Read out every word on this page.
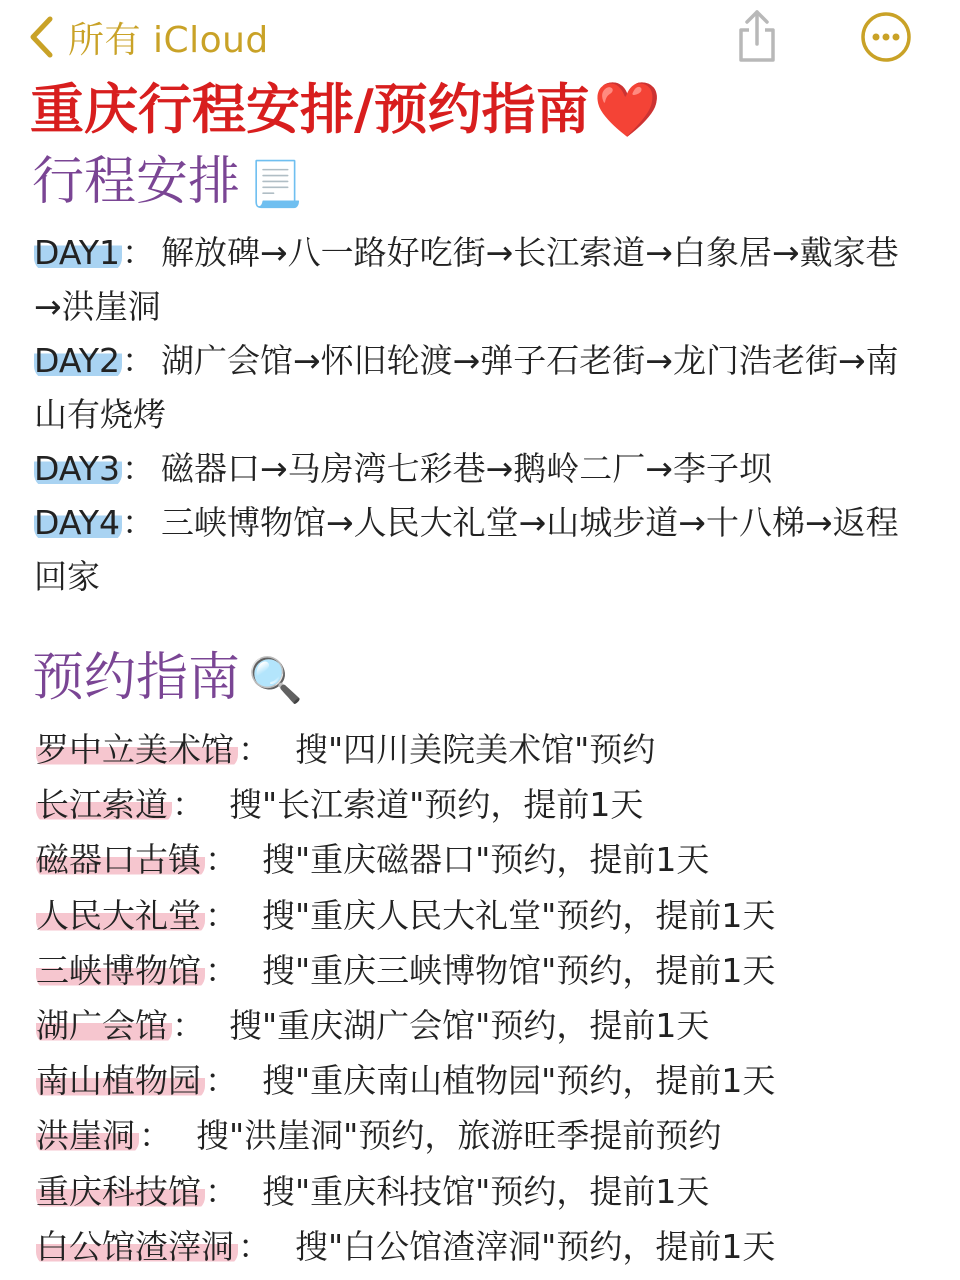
所有 iCloud
重庆行程安排/预约指南❤️
行程安排 📃

DAY1： 解放碑→八一路好吃街→长江索道→白象居→戴家巷→洪崖洞

DAY2： 湖广会馆→怀旧轮渡→弹子石老街→龙门浩老街→南山有烧烤

DAY3： 磁器口→马房湾七彩巷→鹅岭二厂→李子坝

DAY4： 三峡博物馆→人民大礼堂→山城步道→十八梯→返程回家

预约指南 🔍

罗中立美术馆 ： 搜"四川美院美术馆"预约

长江索道 ： 搜"长江索道"预约，提前1天

磁器口古镇 ： 搜"重庆磁器口"预约，提前1天

人民大礼堂 ： 搜"重庆人民大礼堂"预约，提前1天

三峡博物馆 ： 搜"重庆三峡博物馆"预约，提前1天

湖广会馆 ： 搜"重庆湖广会馆"预约，提前1天

南山植物园 ： 搜"重庆南山植物园"预约，提前1天

洪崖洞 ： 搜"洪崖洞"预约，旅游旺季提前预约

重庆科技馆 ： 搜"重庆科技馆"预约，提前1天

白公馆渣滓洞 ： 搜"白公馆渣滓洞"预约，提前1天
